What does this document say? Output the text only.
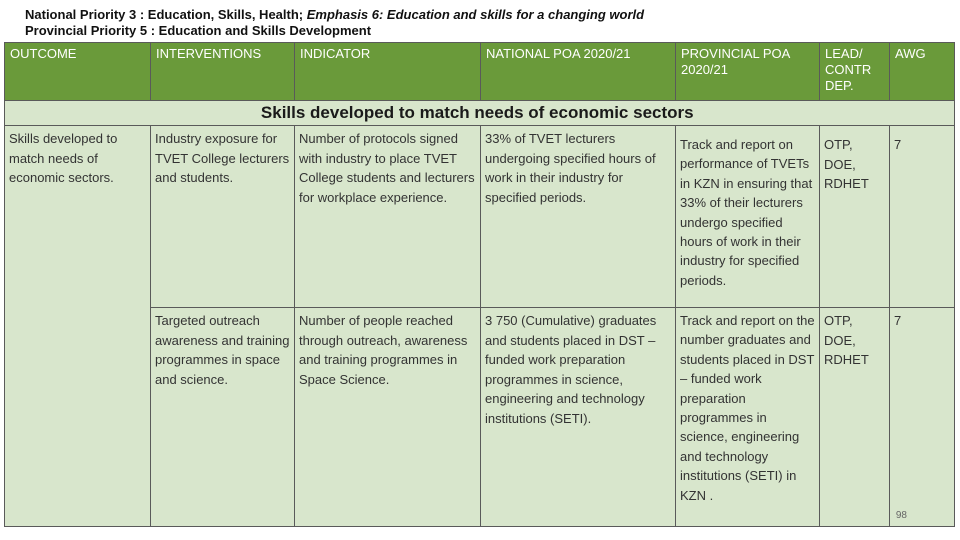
National Priority 3 : Education, Skills, Health; Emphasis 6: Education and skills for a changing world
Provincial Priority 5 : Education and Skills Development
OUTCOME	INTERVENTIONS	INDICATOR	NATIONAL POA 2020/21	PROVINCIAL POA 2020/21	LEAD/ CONTR DEP.	AWG
	Skills developed to match needs of economic sectors					
Skills developed to match needs of economic sectors.	Industry exposure for TVET College lecturers and students.	Number of protocols signed with industry to place TVET College students and lecturers for workplace experience.	33% of TVET lecturers undergoing specified hours of work in their industry for specified periods.	Track and report on performance of TVETs in KZN in ensuring that 33% of their lecturers undergo specified hours of work in their industry for specified periods.	OTP, DOE, RDHET	7
	Targeted outreach awareness and training programmes in space and science.	Number of people reached through outreach, awareness and training programmes in Space Science.	3 750 (Cumulative) graduates and students placed in DST – funded work preparation programmes in science, engineering and technology institutions (SETI).	Track and report on the number graduates and students placed in DST – funded work preparation programmes in science, engineering and technology institutions (SETI) in KZN .	OTP, DOE, RDHET	7
98
